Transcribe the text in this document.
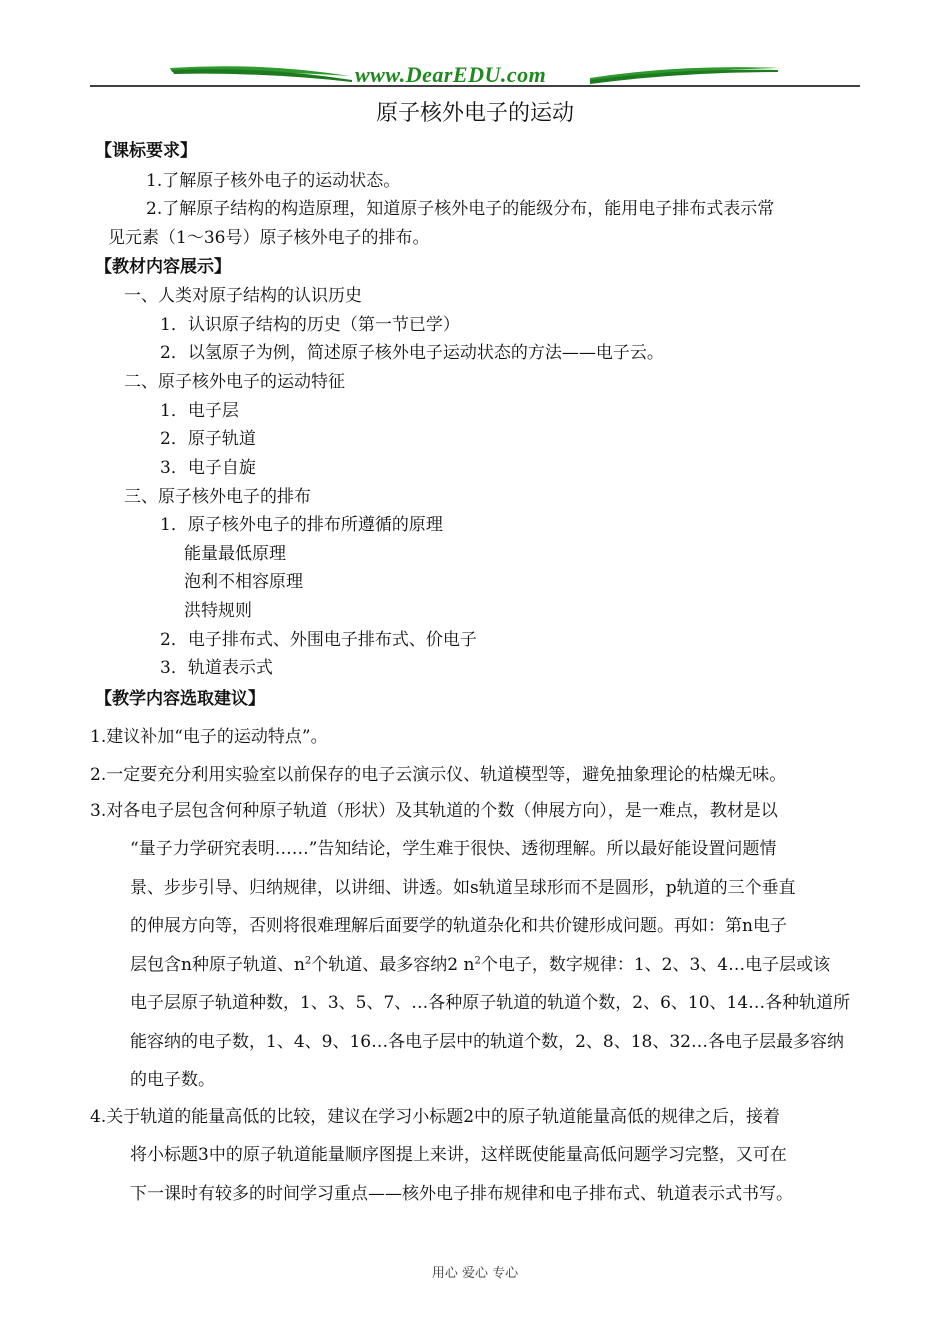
www.DearEDU.com
原子核外电子的运动
【课标要求】
1.了解原子核外电子的运动状态。
2.了解原子结构的构造原理，知道原子核外电子的能级分布，能用电子排布式表示常
见元素（1～36号）原子核外电子的排布。
【教材内容展示】
一、人类对原子结构的认识历史
1．认识原子结构的历史（第一节已学）
2．以氢原子为例，简述原子核外电子运动状态的方法——电子云。
二、原子核外电子的运动特征
1．电子层
2．原子轨道
3．电子自旋
三、原子核外电子的排布
1．原子核外电子的排布所遵循的原理
能量最低原理
泡利不相容原理
洪特规则
2．电子排布式、外围电子排布式、价电子
3．轨道表示式
【教学内容选取建议】
1.建议补加“电子的运动特点”。
2.一定要充分利用实验室以前保存的电子云演示仪、轨道模型等，避免抽象理论的枯燥无味。
3.对各电子层包含何种原子轨道（形状）及其轨道的个数（伸展方向），是一难点，教材是以
“量子力学研究表明……”告知结论，学生难于很快、透彻理解。所以最好能设置问题情
景、步步引导、归纳规律，以讲细、讲透。如s轨道呈球形而不是圆形，p轨道的三个垂直
的伸展方向等，否则将很难理解后面要学的轨道杂化和共价键形成问题。再如：第n电子
层包含n种原子轨道、$n^2$个轨道、最多容纳2 $n^2$个电子，数字规律：1、2、3、4…电子层或该
电子层原子轨道种数，1、3、5、7、…各种原子轨道的轨道个数，2、6、10、14…各种轨道所
能容纳的电子数，1、4、9、16…各电子层中的轨道个数，2、8、18、32…各电子层最多容纳
的电子数。
4.关于轨道的能量高低的比较，建议在学习小标题2中的原子轨道能量高低的规律之后，接着
将小标题3中的原子轨道能量顺序图提上来讲，这样既使能量高低问题学习完整，又可在
下一课时有较多的时间学习重点——核外电子排布规律和电子排布式、轨道表示式书写。
用心 爱心 专心
